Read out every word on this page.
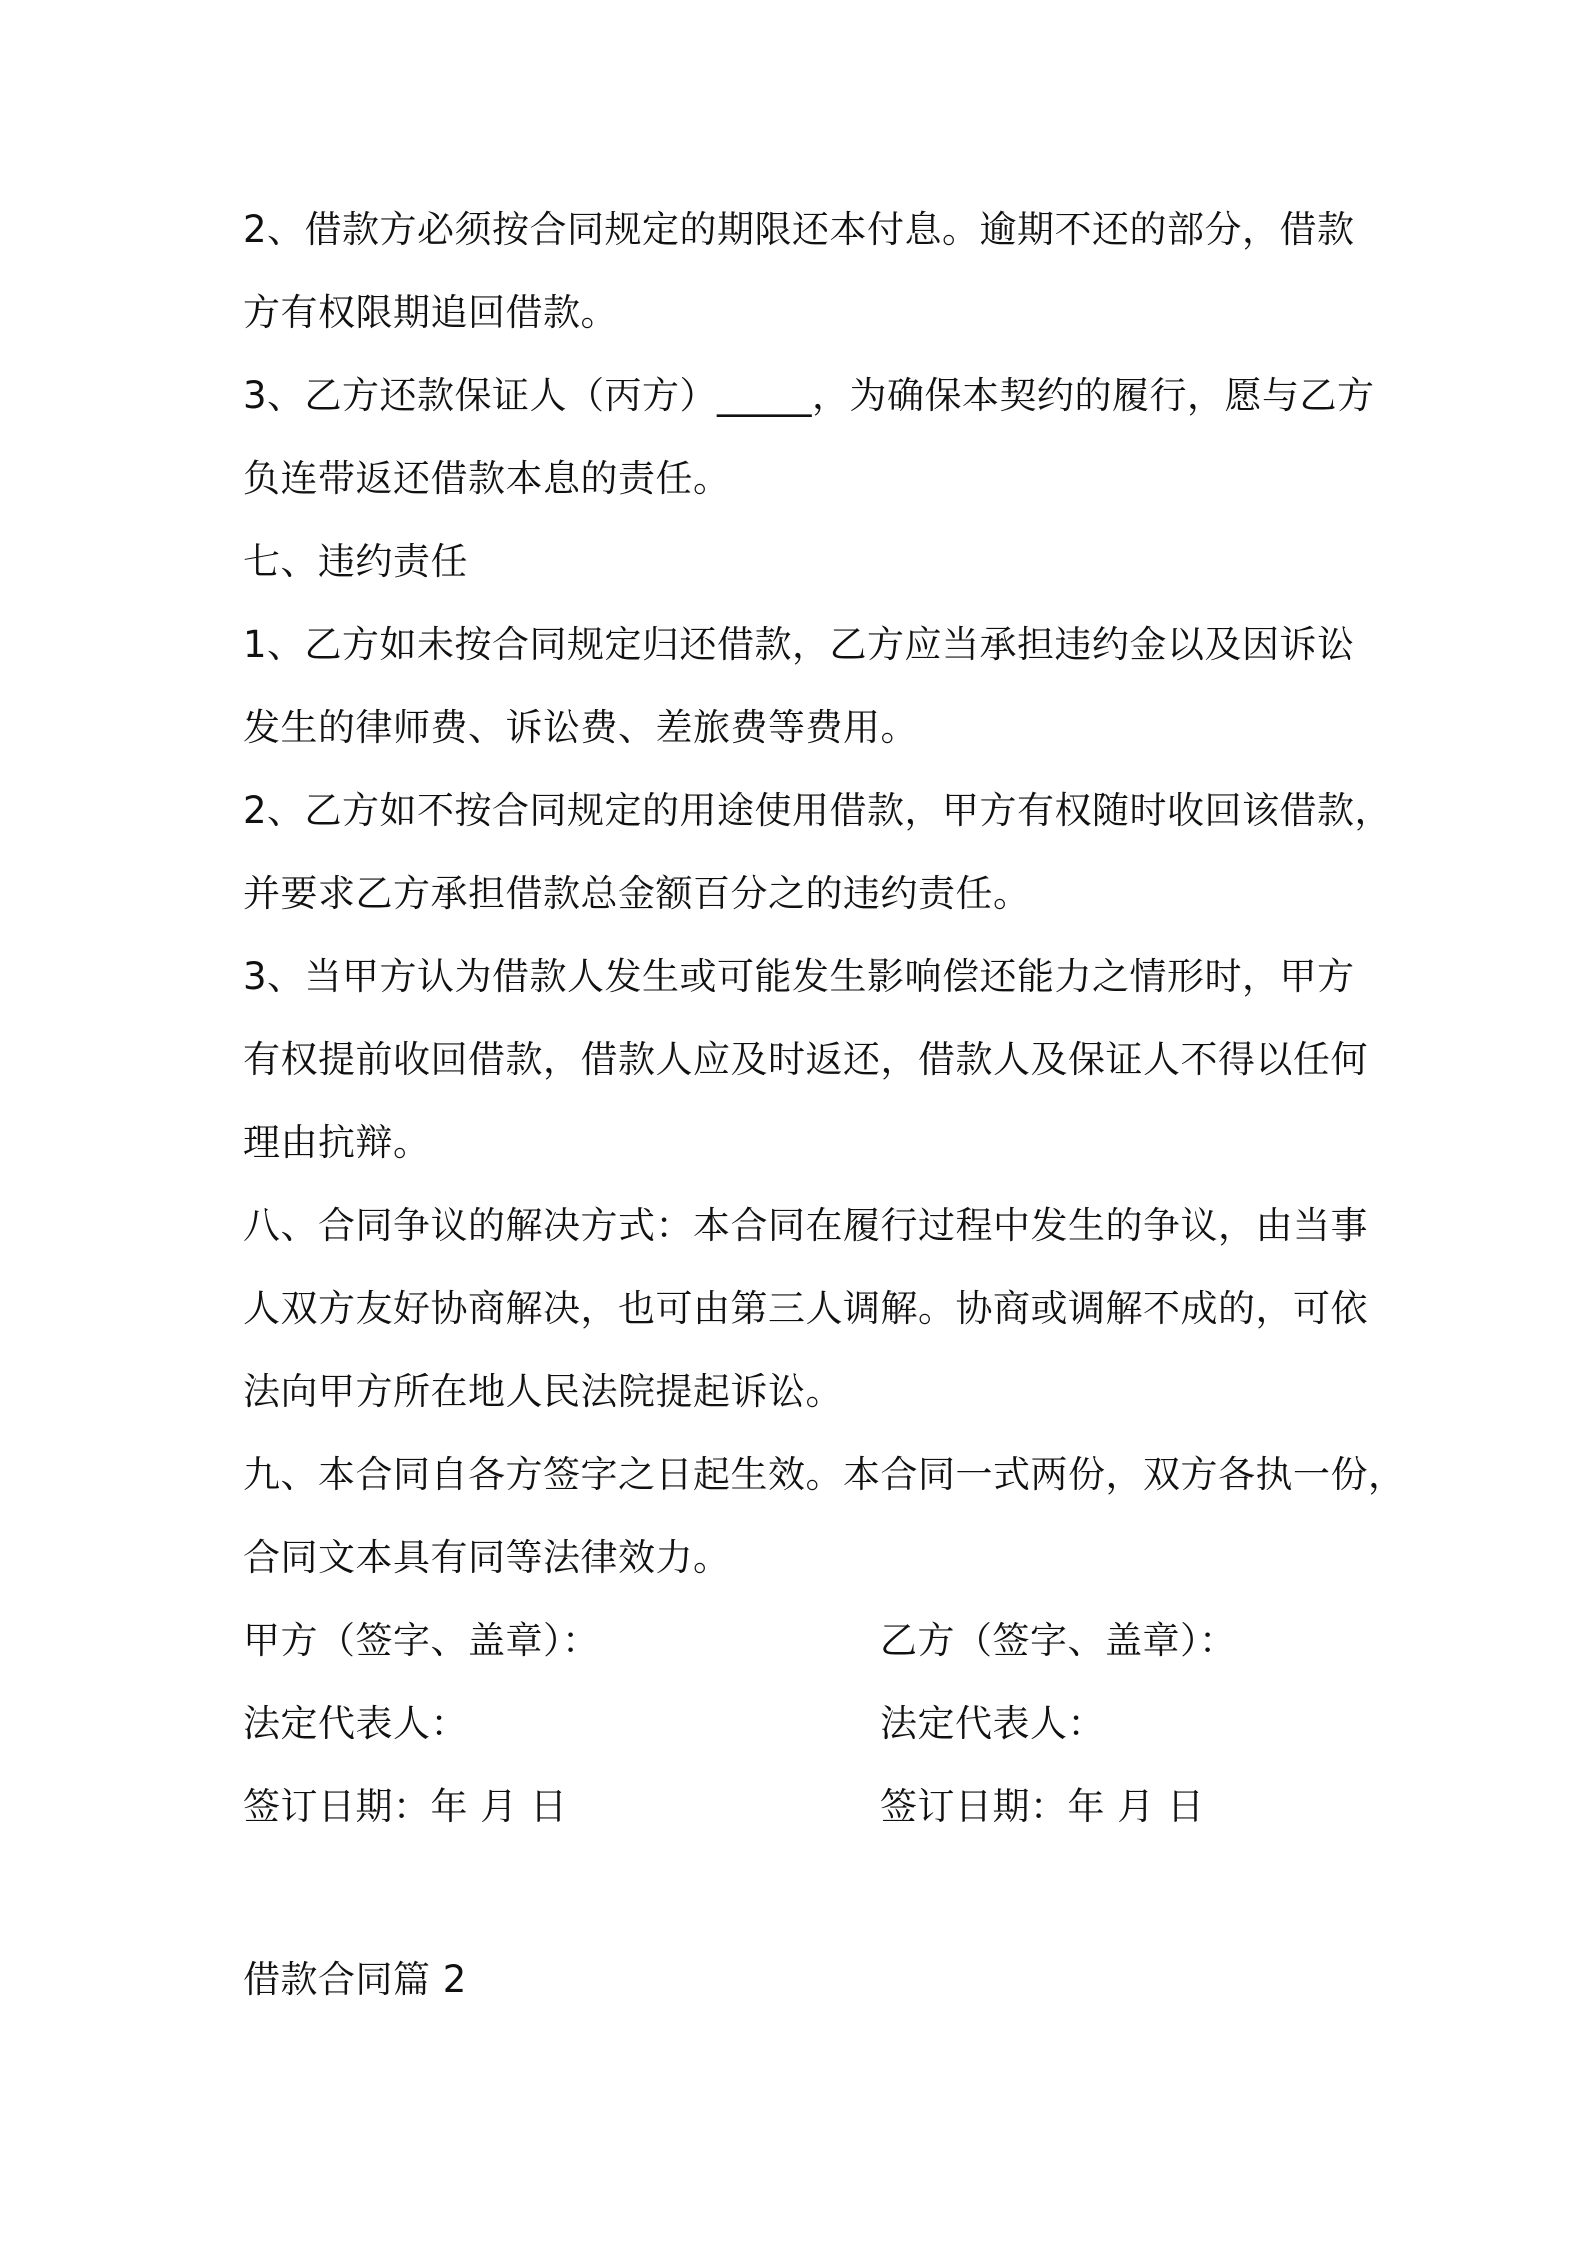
2、借款方必须按合同规定的期限还本付息。逾期不还的部分，借款
方有权限期追回借款。
3、乙方还款保证人（丙方）_____，为确保本契约的履行，愿与乙方
负连带返还借款本息的责任。
七、违约责任
1、乙方如未按合同规定归还借款，乙方应当承担违约金以及因诉讼
发生的律师费、诉讼费、差旅费等费用。
2、乙方如不按合同规定的用途使用借款，甲方有权随时收回该借款，
并要求乙方承担借款总金额百分之的违约责任。
3、当甲方认为借款人发生或可能发生影响偿还能力之情形时，甲方
有权提前收回借款，借款人应及时返还，借款人及保证人不得以任何
理由抗辩。
八、合同争议的解决方式：本合同在履行过程中发生的争议，由当事
人双方友好协商解决，也可由第三人调解。协商或调解不成的，可依
法向甲方所在地人民法院提起诉讼。
九、本合同自各方签字之日起生效。本合同一式两份，双方各执一份，
合同文本具有同等法律效力。
甲方（签字、盖章）：	乙方（签字、盖章）：
法定代表人：	法定代表人：
签订日期：年 月 日	签订日期：年 月 日
借款合同篇 2
